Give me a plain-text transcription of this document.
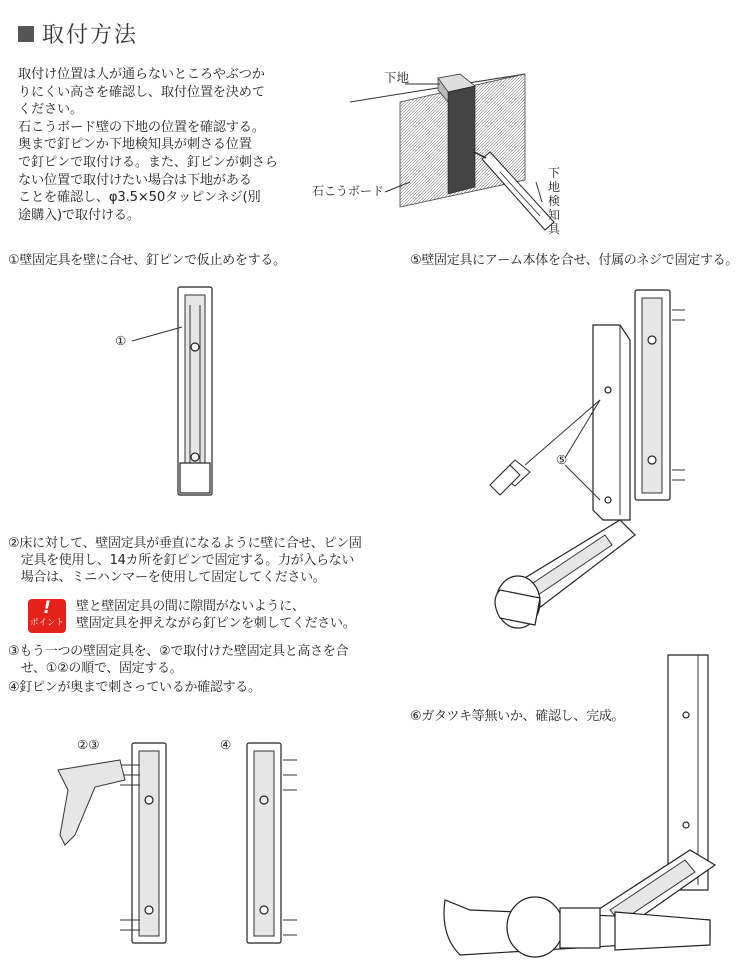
取付方法
取付け位置は人が通らないところやぶつか
りにくい高さを確認し、取付位置を決めて
ください。
石こうボード壁の下地の位置を確認する。
奥まで釘ピンか下地検知具が刺さる位置
で釘ピンで取付ける。また、釘ピンが刺さら
ない位置で取付けたい場合は下地がある
ことを確認し、φ3.5×50タッピンネジ(別
途購入)で取付ける。
下地
石こうボード
下地検知具
①壁固定具を壁に合せ、釘ピンで仮止めをする。	⑤壁固定具にアーム本体を合せ、付属のネジで固定する。
①
⑤
②床に対して、壁固定具が垂直になるように壁に合せ、ピン固
　定具を使用し、14カ所を釘ピンで固定する。力が入らない
　場合は、ミニハンマーを使用して固定してください。
!
ポイント
壁と壁固定具の間に隙間がないように、
壁固定具を押えながら釘ピンを刺してください。
③もう一つの壁固定具を、②で取付けた壁固定具と高さを合
　せ、①②の順で、固定する。
④釘ピンが奥まで刺さっているか確認する。
⑥ガタツキ等無いか、確認し、完成。
②③	④
